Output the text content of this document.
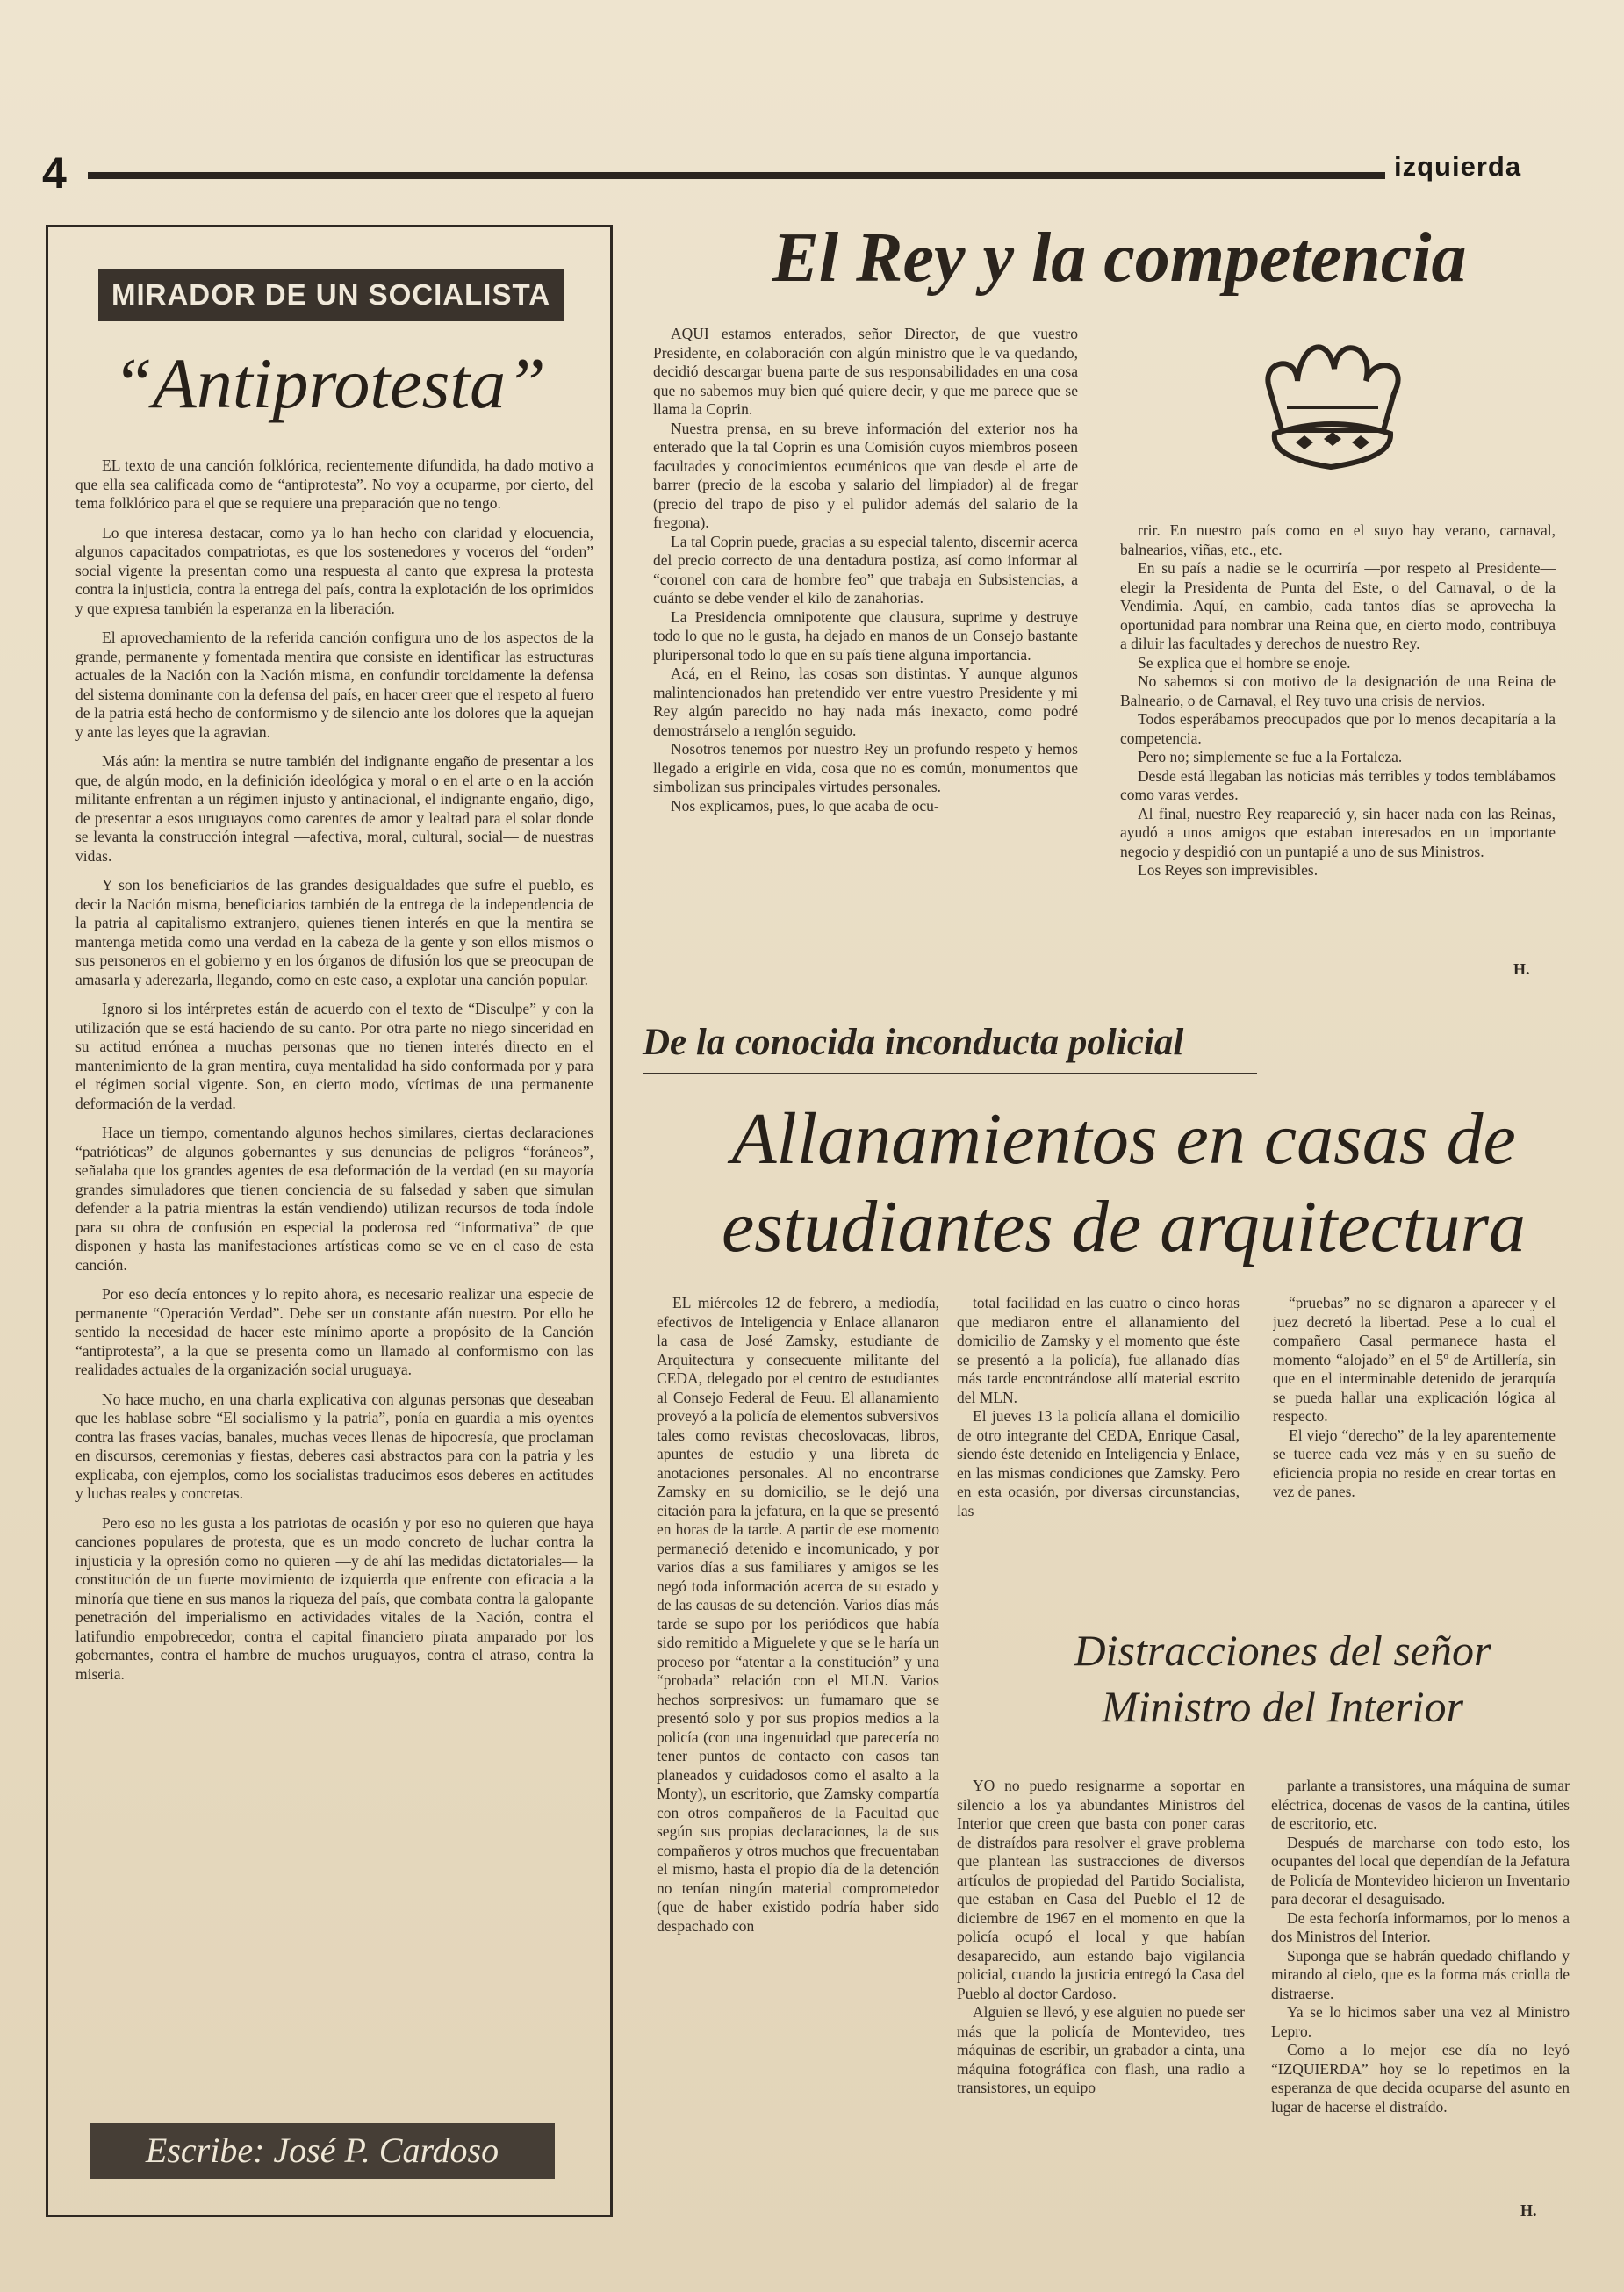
4	izquierda
MIRADOR DE UN SOCIALISTA
“Antiprotesta”

EL texto de una canción folklórica, recientemente difundida, ha dado motivo a que ella sea calificada como de “antiprotesta”. No voy a ocuparme, por cierto, del tema folklórico para el que se requiere una preparación que no tengo.

Lo que interesa destacar, como ya lo han hecho con claridad y elocuencia, algunos capacitados compatriotas, es que los sostenedores y voceros del “orden” social vigente la presentan como una respuesta al canto que expresa la protesta contra la injusticia, contra la entrega del país, contra la explotación de los oprimidos y que expresa también la esperanza en la liberación.

El aprovechamiento de la referida canción configura uno de los aspectos de la grande, permanente y fomentada mentira que consiste en identificar las estructuras actuales de la Nación con la Nación misma, en confundir torcidamente la defensa del sistema dominante con la defensa del país, en hacer creer que el respeto al fuero de la patria está hecho de conformismo y de silencio ante los dolores que la aquejan y ante las leyes que la agravian.

Más aún: la mentira se nutre también del indignante engaño de presentar a los que, de algún modo, en la definición ideológica y moral o en el arte o en la acción militante enfrentan a un régimen injusto y antinacional, el indignante engaño, digo, de presentar a esos uruguayos como carentes de amor y lealtad para el solar donde se levanta la construcción integral —afectiva, moral, cultural, social— de nuestras vidas.

Y son los beneficiarios de las grandes desigualdades que sufre el pueblo, es decir la Nación misma, beneficiarios también de la entrega de la independencia de la patria al capitalismo extranjero, quienes tienen interés en que la mentira se mantenga metida como una verdad en la cabeza de la gente y son ellos mismos o sus personeros en el gobierno y en los órganos de difusión los que se preocupan de amasarla y aderezarla, llegando, como en este caso, a explotar una canción popular.

Ignoro si los intérpretes están de acuerdo con el texto de “Disculpe” y con la utilización que se está haciendo de su canto. Por otra parte no niego sinceridad en su actitud errónea a muchas personas que no tienen interés directo en el mantenimiento de la gran mentira, cuya mentalidad ha sido conformada por y para el régimen social vigente. Son, en cierto modo, víctimas de una permanente deformación de la verdad.

Hace un tiempo, comentando algunos hechos similares, ciertas declaraciones “patrióticas” de algunos gobernantes y sus denuncias de peligros “foráneos”, señalaba que los grandes agentes de esa deformación de la verdad (en su mayoría grandes simuladores que tienen conciencia de su falsedad y saben que simulan defender a la patria mientras la están vendiendo) utilizan recursos de toda índole para su obra de confusión en especial la poderosa red “informativa” de que disponen y hasta las manifestaciones artísticas como se ve en el caso de esta canción.

Por eso decía entonces y lo repito ahora, es necesario realizar una especie de permanente “Operación Verdad”. Debe ser un constante afán nuestro. Por ello he sentido la necesidad de hacer este mínimo aporte a propósito de la Canción “antiprotesta”, a la que se presenta como un llamado al conformismo con las realidades actuales de la organización social uruguaya.

No hace mucho, en una charla explicativa con algunas personas que deseaban que les hablase sobre “El socialismo y la patria”, ponía en guardia a mis oyentes contra las frases vacías, banales, muchas veces llenas de hipocresía, que proclaman en discursos, ceremonias y fiestas, deberes casi abstractos para con la patria y les explicaba, con ejemplos, como los socialistas traducimos esos deberes en actitudes y luchas reales y concretas.

Pero eso no les gusta a los patriotas de ocasión y por eso no quieren que haya canciones populares de protesta, que es un modo concreto de luchar contra la injusticia y la opresión como no quieren —y de ahí las medidas dictatoriales— la constitución de un fuerte movimiento de izquierda que enfrente con eficacia a la minoría que tiene en sus manos la riqueza del país, que combata contra la galopante penetración del imperialismo en actividades vitales de la Nación, contra el latifundio empobrecedor, contra el capital financiero pirata amparado por los gobernantes, contra el hambre de muchos uruguayos, contra el atraso, contra la miseria.

Escribe: José P. Cardoso
El Rey y la competencia

AQUI estamos enterados, señor Director, de que vuestro Presidente, en colaboración con algún ministro que le va quedando, decidió descargar buena parte de sus responsabilidades en una cosa que no sabemos muy bien qué quiere decir, y que me parece que se llama la Coprin.

Nuestra prensa, en su breve información del exterior nos ha enterado que la tal Coprin es una Comisión cuyos miembros poseen facultades y conocimientos ecuménicos que van desde el arte de barrer (precio de la escoba y salario del limpiador) al de fregar (precio del trapo de piso y el pulidor además del salario de la fregona).

La tal Coprin puede, gracias a su especial talento, discernir acerca del precio correcto de una dentadura postiza, así como informar al “coronel con cara de hombre feo” que trabaja en Subsistencias, a cuánto se debe vender el kilo de zanahorias.

La Presidencia omnipotente que clausura, suprime y destruye todo lo que no le gusta, ha dejado en manos de un Consejo bastante pluripersonal todo lo que en su país tiene alguna importancia.

Acá, en el Reino, las cosas son distintas. Y aunque algunos malintencionados han pretendido ver entre vuestro Presidente y mi Rey algún parecido no hay nada más inexacto, como podré demostrárselo a renglón seguido.

Nosotros tenemos por nuestro Rey un profundo respeto y hemos llegado a erigirle en vida, cosa que no es común, monumentos que simbolizan sus principales virtudes personales.

Nos explicamos, pues, lo que acaba de ocu-

rrir. En nuestro país como en el suyo hay verano, carnaval, balnearios, viñas, etc., etc.

En su país a nadie se le ocurriría —por respeto al Presidente— elegir la Presidenta de Punta del Este, o del Carnaval, o de la Vendimia. Aquí, en cambio, cada tantos días se aprovecha la oportunidad para nombrar una Reina que, en cierto modo, contribuya a diluir las facultades y derechos de nuestro Rey.

Se explica que el hombre se enoje.

No sabemos si con motivo de la designación de una Reina de Balneario, o de Carnaval, el Rey tuvo una crisis de nervios.

Todos esperábamos preocupados que por lo menos decapitaría a la competencia.

Pero no; simplemente se fue a la Fortaleza.

Desde está llegaban las noticias más terribles y todos temblábamos como varas verdes.

Al final, nuestro Rey reapareció y, sin hacer nada con las Reinas, ayudó a unos amigos que estaban interesados en un importante negocio y despidió con un puntapié a uno de sus Ministros.

Los Reyes son imprevisibles.

H.
De la conocida inconducta policial
Allanamientos en casas de
estudiantes de arquitectura

EL miércoles 12 de febrero, a mediodía, efectivos de Inteligencia y Enlace allanaron la casa de José Zamsky, estudiante de Arquitectura y consecuente militante del CEDA, delegado por el centro de estudiantes al Consejo Federal de Feuu. El allanamiento proveyó a la policía de elementos subversivos tales como revistas checoslovacas, libros, apuntes de estudio y una libreta de anotaciones personales. Al no encontrarse Zamsky en su domicilio, se le dejó una citación para la jefatura, en la que se presentó en horas de la tarde. A partir de ese momento permaneció detenido e incomunicado, y por varios días a sus familiares y amigos se les negó toda información acerca de su estado y de las causas de su detención. Varios días más tarde se supo por los periódicos que había sido remitido a Miguelete y que se le haría un proceso por “atentar a la constitución” y una “probada” relación con el MLN. Varios hechos sorpresivos: un fumamaro que se presentó solo y por sus propios medios a la policía (con una ingenuidad que parecería no tener puntos de contacto con casos tan planeados y cuidadosos como el asalto a la Monty), un escritorio, que Zamsky compartía con otros compañeros de la Facultad que según sus propias declaraciones, la de sus compañeros y otros muchos que frecuentaban el mismo, hasta el propio día de la detención no tenían ningún material comprometedor (que de haber existido podría haber sido despachado con

total facilidad en las cuatro o cinco horas que mediaron entre el allanamiento del domicilio de Zamsky y el momento que éste se presentó a la policía), fue allanado días más tarde encontrándose allí material escrito del MLN.

El jueves 13 la policía allana el domicilio de otro integrante del CEDA, Enrique Casal, siendo éste detenido en Inteligencia y Enlace, en las mismas condiciones que Zamsky. Pero en esta ocasión, por diversas circunstancias, las

“pruebas” no se dignaron a aparecer y el juez decretó la libertad. Pese a lo cual el compañero Casal permanece hasta el momento “alojado” en el 5º de Artillería, sin que en el interminable detenido de jerarquía se pueda hallar una explicación lógica al respecto.

El viejo “derecho” de la ley aparentemente se tuerce cada vez más y en su sueño de eficiencia propia no reside en crear tortas en vez de panes.

Distracciones del señor
Ministro del Interior

YO no puedo resignarme a soportar en silencio a los ya abundantes Ministros del Interior que creen que basta con poner caras de distraídos para resolver el grave problema que plantean las sustracciones de diversos artículos de propiedad del Partido Socialista, que estaban en Casa del Pueblo el 12 de diciembre de 1967 en el momento en que la policía ocupó el local y que habían desaparecido, aun estando bajo vigilancia policial, cuando la justicia entregó la Casa del Pueblo al doctor Cardoso.

Alguien se llevó, y ese alguien no puede ser más que la policía de Montevideo, tres máquinas de escribir, un grabador a cinta, una máquina fotográfica con flash, una radio a transistores, un equipo

parlante a transistores, una máquina de sumar eléctrica, docenas de vasos de la cantina, útiles de escritorio, etc.

Después de marcharse con todo esto, los ocupantes del local que dependían de la Jefatura de Policía de Montevideo hicieron un Inventario para decorar el desaguisado.

De esta fechoría informamos, por lo menos a dos Ministros del Interior.

Suponga que se habrán quedado chiflando y mirando al cielo, que es la forma más criolla de distraerse.

Ya se lo hicimos saber una vez al Ministro Lepro.

Como a lo mejor ese día no leyó “IZQUIERDA” hoy se lo repetimos en la esperanza de que decida ocuparse del asunto en lugar de hacerse el distraído.

H.
